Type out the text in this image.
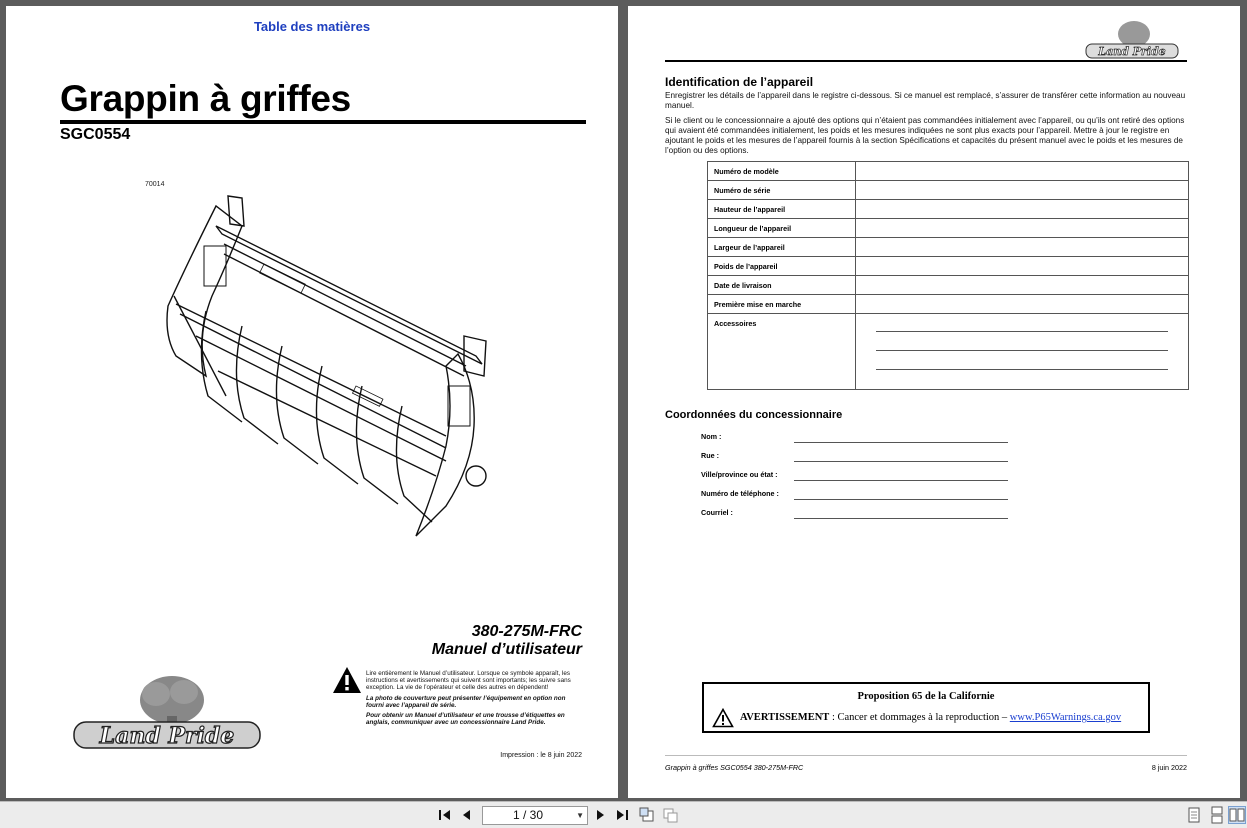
Table des matières
Grappin à griffes
SGC0554
70014
380-275M-FRC
Manuel d’utilisateur

Lire entièrement le Manuel d’utilisateur. Lorsque ce symbole apparaît, les instructions et avertissements qui suivent sont importants; les suivre sans exception. La vie de l’opérateur et celle des autres en dépendent!

La photo de couverture peut présenter l’équipement en option non fourni avec l’appareil de série.

Pour obtenir un Manuel d’utilisateur et une trousse d’étiquettes en anglais, communiquer avec un concessionnaire Land Pride.

Land Pride
Impression : le 8 juin 2022
Land Pride
Identification de l’appareil
Enregistrer les détails de l’appareil dans le registre ci-dessous. Si ce manuel est remplacé, s’assurer de transférer cette information au nouveau manuel.
Si le client ou le concessionnaire a ajouté des options qui n’étaient pas commandées initialement avec l’appareil, ou qu’ils ont retiré des options qui avaient été commandées initialement, les poids et les mesures indiquées ne sont plus exacts pour l’appareil. Mettre à jour le registre en ajoutant le poids et les mesures de l’appareil fournis à la section Spécifications et capacités du présent manuel avec le poids et les mesures de l’option ou des options.
Numéro de modèle	
Numéro de série	
Hauteur de l’appareil	
Longueur de l’appareil	
Largeur de l’appareil	
Poids de l’appareil	
Date de livraison	
Première mise en marche	
Accessoires	
Coordonnées du concessionnaire
Nom :
Rue :
Ville/province ou état :
Numéro de téléphone :
Courriel :
Proposition 65 de la Californie
AVERTISSEMENT : Cancer et dommages à la reproduction – www.P65Warnings.ca.gov
Grappin à griffes SGC0554 380-275M-FRC	8 juin 2022
1 / 30	▼
